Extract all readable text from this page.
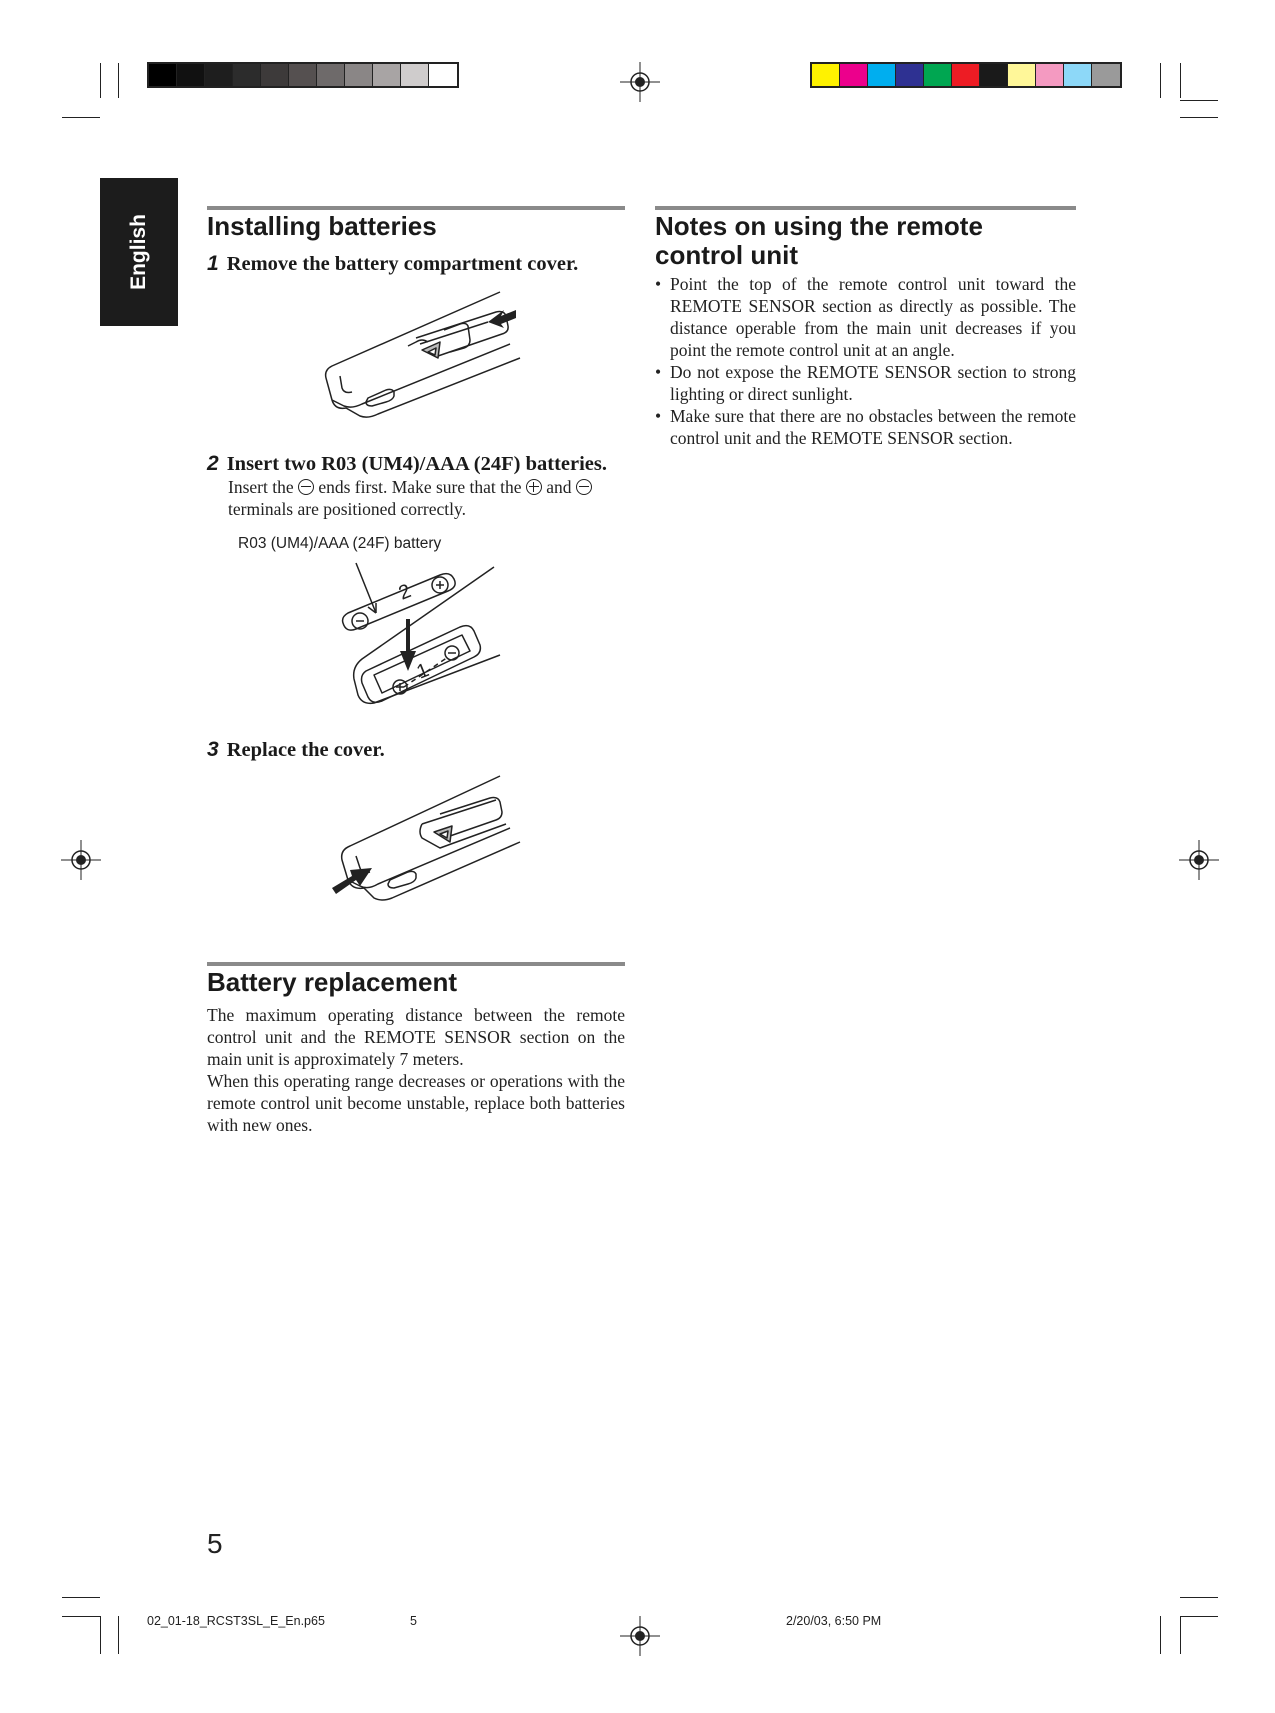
English Installing batteries
1 Remove the battery compartment cover.
2 Insert two R03 (UM4)/AAA (24F) batteries.
Insert the ends first. Make sure that the and
terminals are positioned correctly.
R03 (UM4)/AAA (24F) battery
2
1
3 Replace the cover.
Battery replacement
The maximum operating distance between the remote control unit and the REMOTE SENSOR section on the main unit is approximately 7 meters.
When this operating range decreases or operations with the remote control unit become unstable, replace both batteries with new ones.
Notes on using the remote control unit
• Point the top of the remote control unit toward the REMOTE SENSOR section as directly as possible. The distance operable from the main unit decreases if you point the remote control unit at an angle.
• Do not expose the REMOTE SENSOR section to strong lighting or direct sunlight.
• Make sure that there are no obstacles between the remote control unit and the REMOTE SENSOR section.
5
02_01-18_RCST3SL_E_En.p65	5	2/20/03, 6:50 PM
